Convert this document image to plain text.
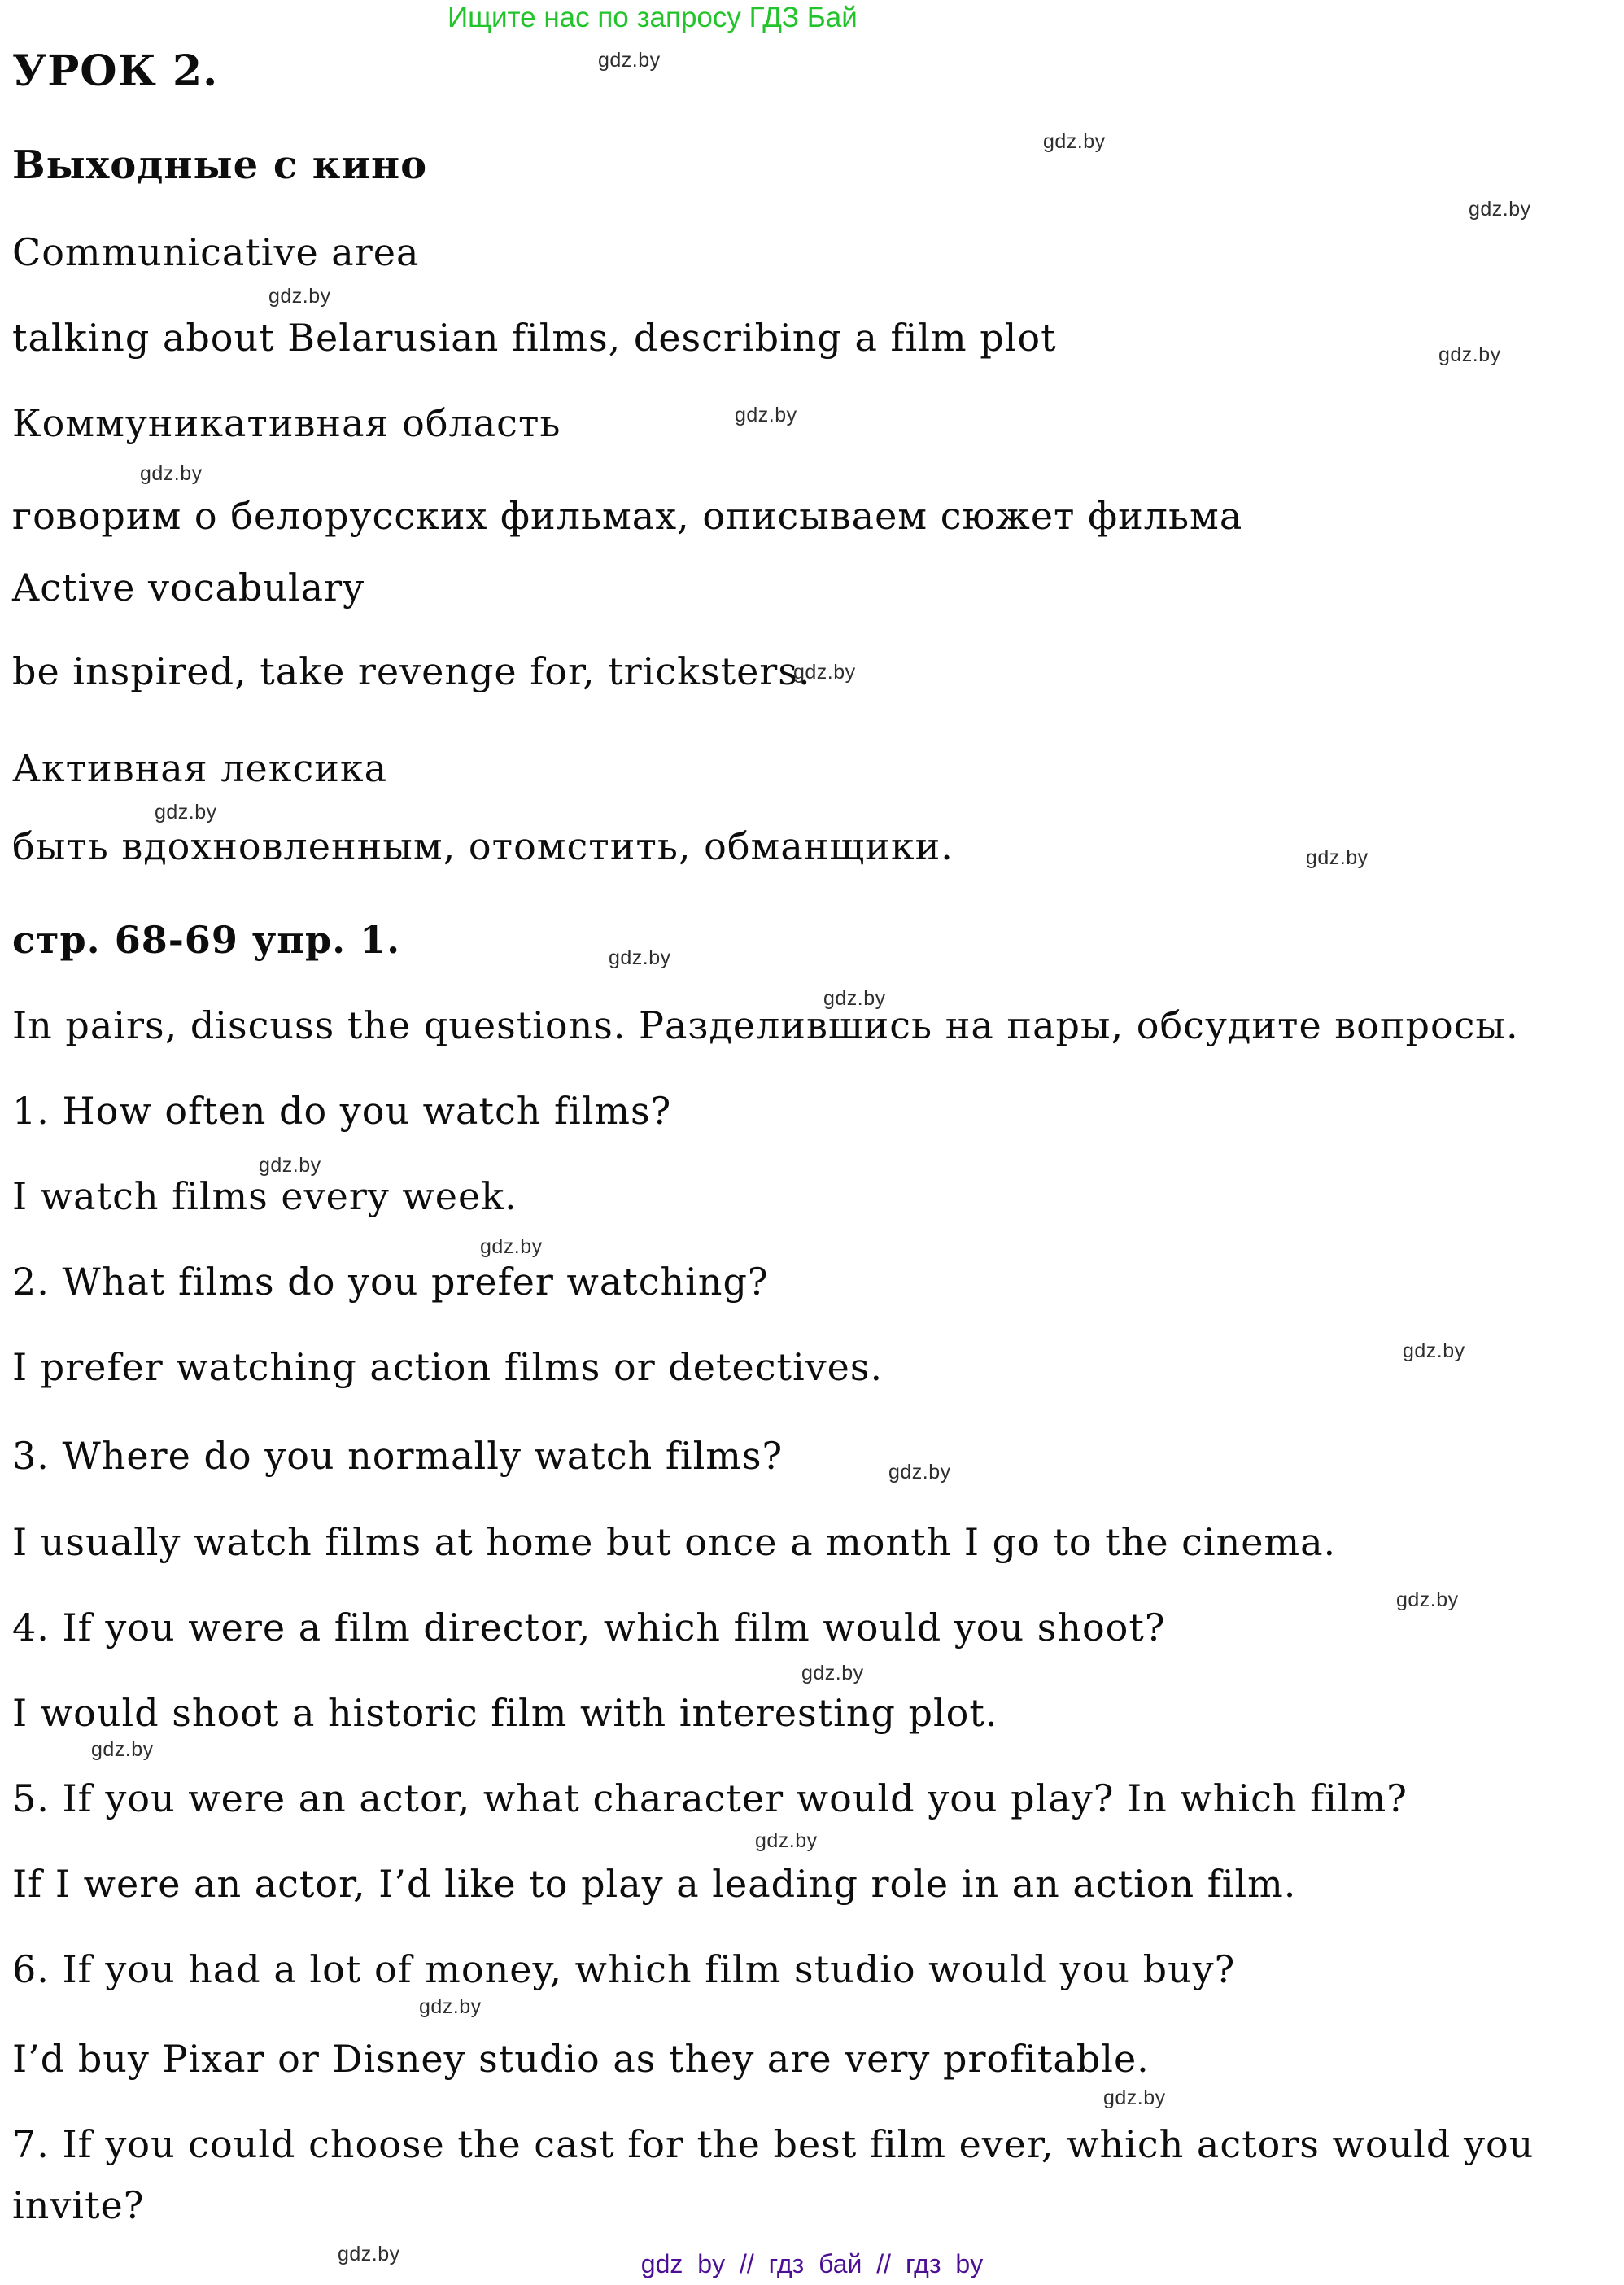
Ищите нас по запросу ГДЗ Бай
УРОК 2.
Выходные с кино
Communicative area
talking about Belarusian films, describing a film plot
Коммуникативная область
говорим о белорусских фильмах, описываем сюжет фильма
Active vocabulary
be inspired, take revenge for, tricksters.
Активная лексика
быть вдохновленным, отомстить, обманщики.
стр. 68-69 упр. 1.
In pairs, discuss the questions. Разделившись на пары, обсудите вопросы.
1. How often do you watch films?
I watch films every week.
2. What films do you prefer watching?
I prefer watching action films or detectives.
3. Where do you normally watch films?
I usually watch films at home but once a month I go to the cinema.
4. If you were a film director, which film would you shoot?
I would shoot a historic film with interesting plot.
5. If you were an actor, what character would you play? In which film?
If I were an actor, I’d like to play a leading role in an action film.
6. If you had a lot of money, which film studio would you buy?
I’d buy Pixar or Disney studio as they are very profitable.
7. If you could choose the cast for the best film ever, which actors would you
invite?
gdz.by
gdz.by
gdz.by
gdz.by
gdz.by
gdz.by
gdz.by
gdz.by
gdz.by
gdz.by
gdz.by
gdz.by
gdz.by
gdz.by
gdz.by
gdz.by
gdz.by
gdz.by
gdz.by
gdz.by
gdz.by
gdz.by
gdz.by	gdz by // гдз бай // гдз by
